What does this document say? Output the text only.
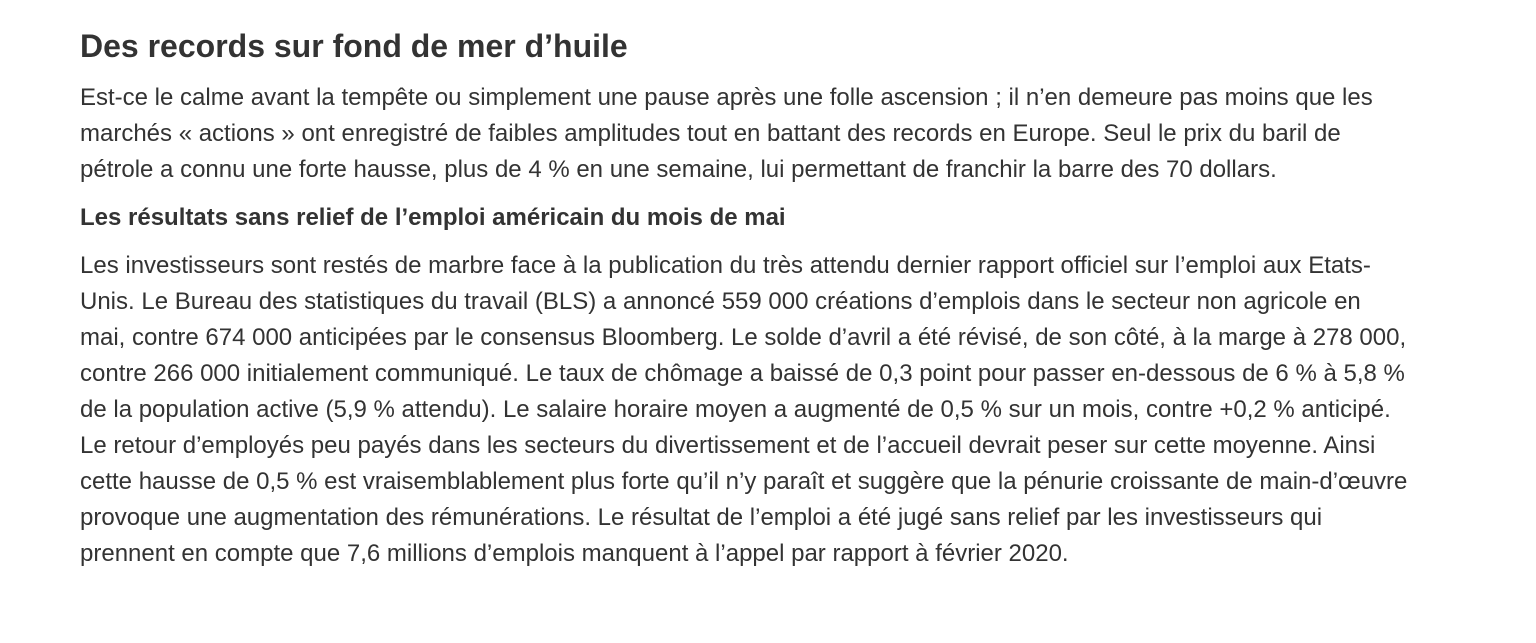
Des records sur fond de mer d’huile

Est-ce le calme avant la tempête ou simplement une pause après une folle ascension ; il n’en demeure pas moins que les marchés « actions » ont enregistré de faibles amplitudes tout en battant des records en Europe. Seul le prix du baril de pétrole a connu une forte hausse, plus de 4 % en une semaine, lui permettant de franchir la barre des 70 dollars.

Les résultats sans relief de l’emploi américain du mois de mai

Les investisseurs sont restés de marbre face à la publication du très attendu dernier rapport officiel sur l’emploi aux Etats-Unis. Le Bureau des statistiques du travail (BLS) a annoncé 559 000 créations d’emplois dans le secteur non agricole en mai, contre 674 000 anticipées par le consensus Bloomberg. Le solde d’avril a été révisé, de son côté, à la marge à 278 000, contre 266 000 initialement communiqué. Le taux de chômage a baissé de 0,3 point pour passer en-dessous de 6 % à 5,8 % de la population active (5,9 % attendu). Le salaire horaire moyen a augmenté de 0,5 % sur un mois, contre +0,2 % anticipé. Le retour d’employés peu payés dans les secteurs du divertissement et de l’accueil devrait peser sur cette moyenne. Ainsi cette hausse de 0,5 % est vraisemblablement plus forte qu’il n’y paraît et suggère que la pénurie croissante de main-d’œuvre provoque une augmentation des rémunérations. Le résultat de l’emploi a été jugé sans relief par les investisseurs qui prennent en compte que 7,6 millions d’emplois manquent à l’appel par rapport à février 2020.
